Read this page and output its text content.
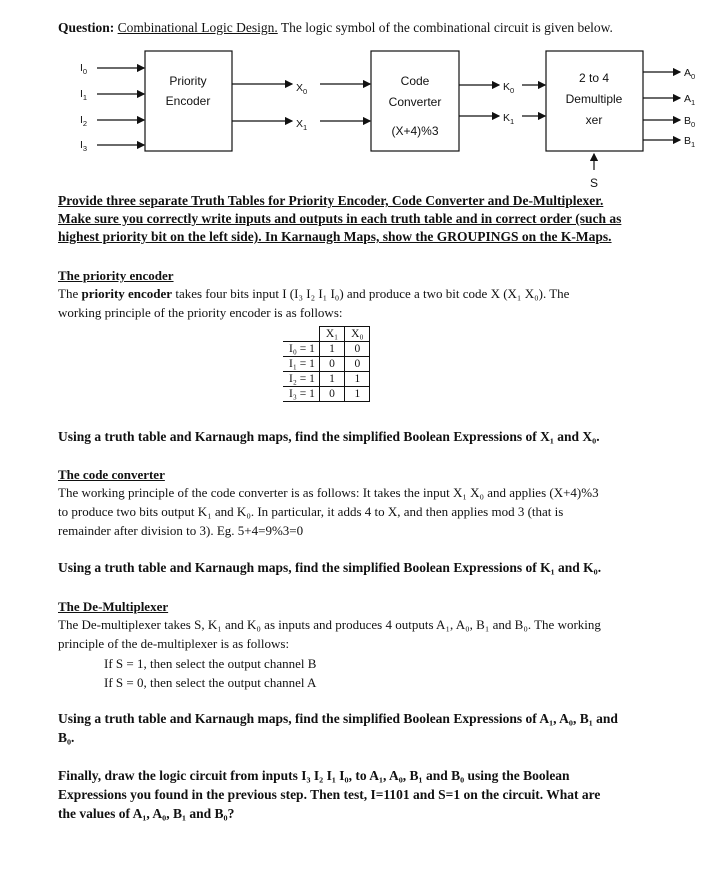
Question: Combinational Logic Design. The logic symbol of the combinational circuit is given below.
$I_0$
$I_1$
$I_2$
$I_3$
Priority
Encoder
$X_0$
$X_1$
Code
Converter
(X+4)%3
$K_0$
$K_1$
2 to 4
Demultiple
xer
$A_0$
$A_1$
$B_0$
$B_1$
S
Provide three separate Truth Tables for Priority Encoder, Code Converter and De-Multiplexer.
Make sure you correctly write inputs and outputs in each truth table and in correct order (such as
highest priority bit on the left side). In Karnaugh Maps, show the GROUPINGS on the K-Maps.
The priority encoder
The priority encoder takes four bits input I (I₃ I₂ I₁ I₀) and produce a two bit code X (X₁ X₀). The
working principle of the priority encoder is as follows:
	X₁	X₀
I₀ = 1	1	0
I₁ = 1	0	0
I₂ = 1	1	1
I₃ = 1	0	1
Using a truth table and Karnaugh maps, find the simplified Boolean Expressions of X₁ and X₀.
The code converter
The working principle of the code converter is as follows: It takes the input X₁ X₀ and applies (X+4)%3
to produce two bits output K₁ and K₀. In particular, it adds 4 to X, and then applies mod 3 (that is
remainder after division to 3). Eg. 5+4=9%3=0
Using a truth table and Karnaugh maps, find the simplified Boolean Expressions of K₁ and K₀.
The De-Multiplexer
The De-multiplexer takes S, K₁ and K₀ as inputs and produces 4 outputs A₁, A₀, B₁ and B₀. The working
principle of the de-multiplexer is as follows:
If S = 1, then select the output channel B
If S = 0, then select the output channel A
Using a truth table and Karnaugh maps, find the simplified Boolean Expressions of A₁, A₀, B₁ and
B₀.
Finally, draw the logic circuit from inputs I₃ I₂ I₁ I₀, to A₁, A₀, B₁ and B₀ using the Boolean
Expressions you found in the previous step. Then test, I=1101 and S=1 on the circuit. What are
the values of A₁, A₀, B₁ and B₀?
